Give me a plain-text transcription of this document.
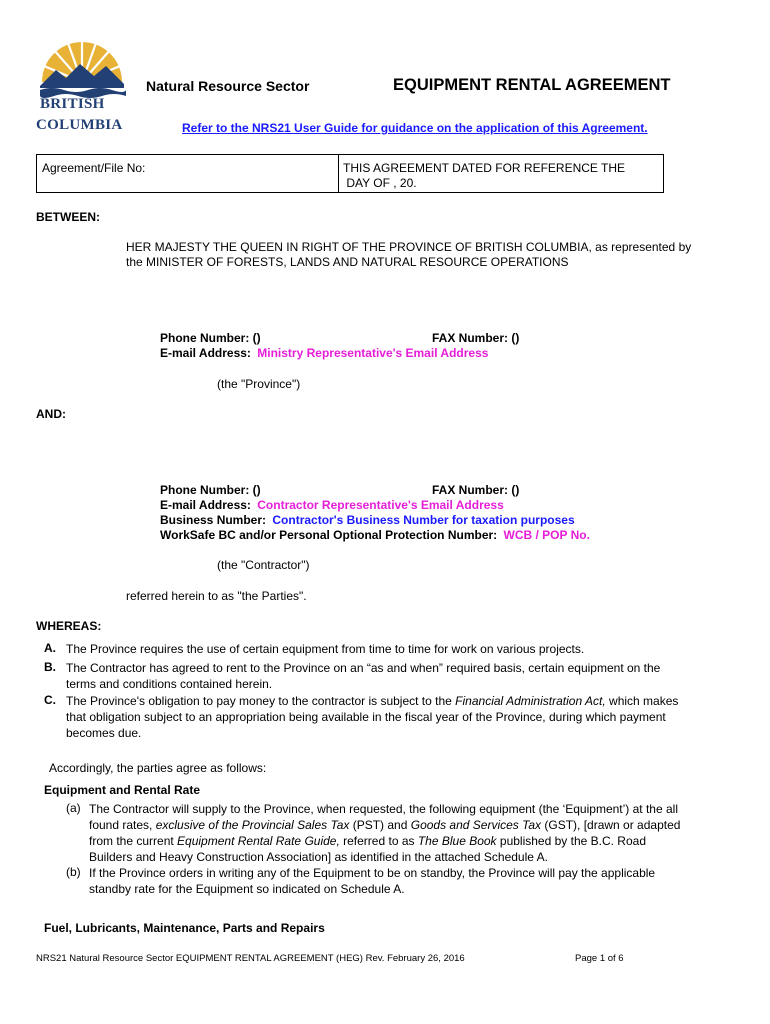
BRITISH
COLUMBIA
Natural Resource Sector	EQUIPMENT RENTAL AGREEMENT
Refer to the NRS21 User Guide for guidance on the application of this Agreement.
Agreement/File No:	THIS AGREEMENT DATED FOR REFERENCE THE
DAY OF , 20.
BETWEEN:
HER MAJESTY THE QUEEN IN RIGHT OF THE PROVINCE OF BRITISH COLUMBIA, as represented by
the MINISTER OF FORESTS, LANDS AND NATURAL RESOURCE OPERATIONS
Phone Number: ()	FAX Number: ()
E-mail Address: Ministry Representative's Email Address
(the "Province")
AND:
Phone Number: ()	FAX Number: ()
E-mail Address: Contractor Representative's Email Address
Business Number: Contractor's Business Number for taxation purposes
WorkSafe BC and/or Personal Optional Protection Number: WCB / POP No.
(the "Contractor")
referred herein to as "the Parties".
WHEREAS:
A. The Province requires the use of certain equipment from time to time for work on various projects.
B. The Contractor has agreed to rent to the Province on an “as and when” required basis, certain equipment on the
terms and conditions contained herein.
C. The Province's obligation to pay money to the contractor is subject to the Financial Administration Act, which makes
that obligation subject to an appropriation being available in the fiscal year of the Province, during which payment
becomes due.
Accordingly, the parties agree as follows:
Equipment and Rental Rate
(a) The Contractor will supply to the Province, when requested, the following equipment (the ‘Equipment’) at the all
found rates, exclusive of the Provincial Sales Tax (PST) and Goods and Services Tax (GST), [drawn or adapted
from the current Equipment Rental Rate Guide, referred to as The Blue Book published by the B.C. Road
Builders and Heavy Construction Association] as identified in the attached Schedule A.
(b) If the Province orders in writing any of the Equipment to be on standby, the Province will pay the applicable
standby rate for the Equipment so indicated on Schedule A.
Fuel, Lubricants, Maintenance, Parts and Repairs
NRS21 Natural Resource Sector EQUIPMENT RENTAL AGREEMENT (HEG) Rev. February 26, 2016	Page 1 of 6
